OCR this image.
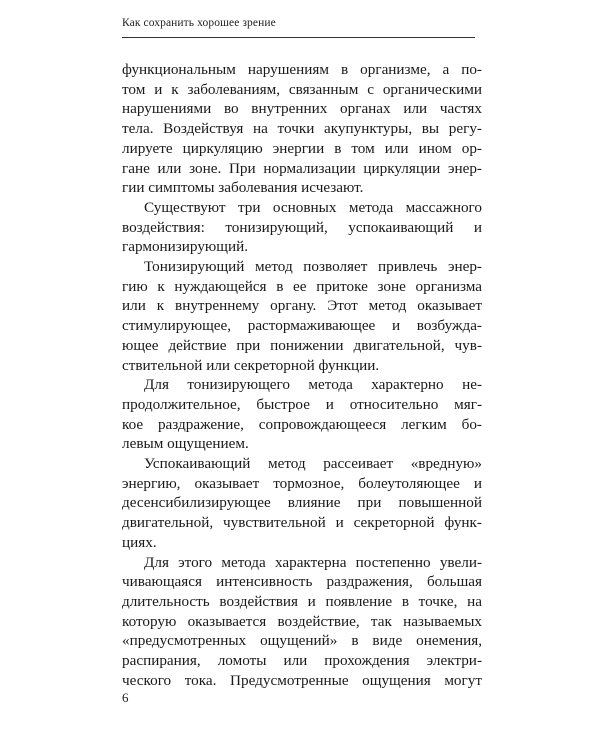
Как сохранить хорошее зрение
функциональным нарушениям в организме, а по-
том и к заболеваниям, связанным с органическими
нарушениями во внутренних органах или частях
тела. Воздействуя на точки акупунктуры, вы регу-
лируете циркуляцию энергии в том или ином ор-
гане или зоне. При нормализации циркуляции энер-
гии симптомы заболевания исчезают.
Существуют три основных метода массажного
воздействия: тонизирующий, успокаивающий и
гармонизирующий.
Тонизирующий метод позволяет привлечь энер-
гию к нуждающейся в ее притоке зоне организма
или к внутреннему органу. Этот метод оказывает
стимулирующее, растормаживающее и возбужда-
ющее действие при понижении двигательной, чув-
ствительной или секреторной функции.
Для тонизирующего метода характерно не-
продолжительное, быстрое и относительно мяг-
кое раздражение, сопровождающееся легким бо-
левым ощущением.
Успокаивающий метод рассеивает «вредную»
энергию, оказывает тормозное, болеутоляющее и
десенсибилизирующее влияние при повышенной
двигательной, чувствительной и секреторной функ-
циях.
Для этого метода характерна постепенно увели-
чивающаяся интенсивность раздражения, большая
длительность воздействия и появление в точке, на
которую оказывается воздействие, так называемых
«предусмотренных ощущений» в виде онемения,
распирания, ломоты или прохождения электри-
ческого тока. Предусмотренные ощущения могут
6
